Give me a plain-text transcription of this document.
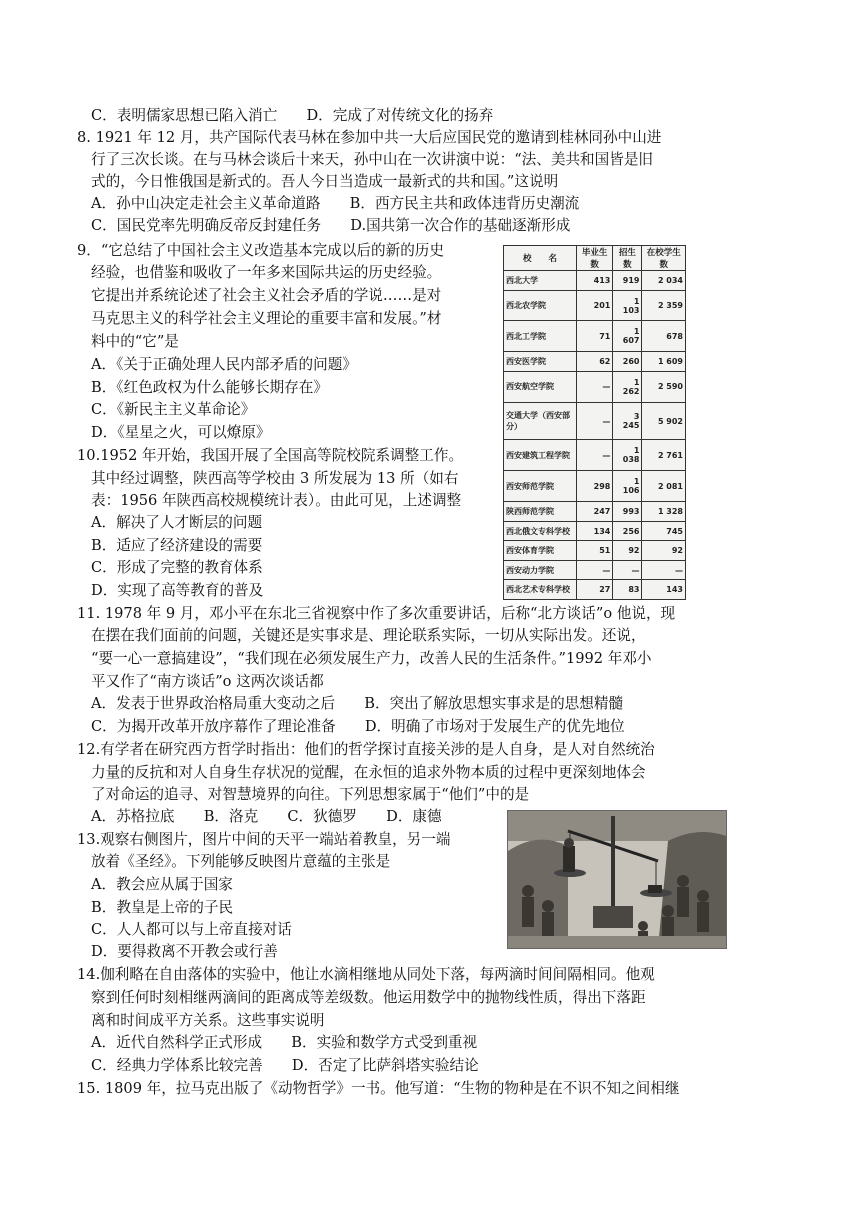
C．表明儒家思想已陷入消亡　　D．完成了对传统文化的扬弃
8. 1921 年 12 月，共产国际代表马林在参加中共一大后应国民党的邀请到桂林同孙中山进
行了三次长谈。在与马林会谈后十来天，孙中山在一次讲演中说：“法、美共和国皆是旧
式的，今日惟俄国是新式的。吾人今日当造成一最新式的共和国。”这说明
A．孙中山决定走社会主义革命道路　　B．西方民主共和政体违背历史潮流
C．国民党率先明确反帝反封建任务　　D.国共第一次合作的基础逐渐形成
9．“它总结了中国社会主义改造基本完成以后的新的历史
经验，也借鉴和吸收了一年多来国际共运的历史经验。
它提出并系统论述了社会主义社会矛盾的学说……是对
马克思主义的科学社会主义理论的重要丰富和发展。”材
料中的“它”是
A．《关于正确处理人民内部矛盾的问题》
B．《红色政权为什么能够长期存在》
C．《新民主主义革命论》
D．《星星之火，可以燎原》
10.1952 年开始，我国开展了全国高等院校院系调整工作。
其中经过调整，陕西高等学校由 3 所发展为 13 所（如右
表：1956 年陕西高校规模统计表）。由此可见，上述调整
A．解决了人才断层的问题
B．适应了经济建设的需要
C．形成了完整的教育体系
D．实现了高等教育的普及
11. 1978 年 9 月，邓小平在东北三省视察中作了多次重要讲话，后称“北方谈话”o 他说，现
在摆在我们面前的问题，关键还是实事求是、理论联系实际，一切从实际出发。还说，
“要一心一意搞建设”，“我们现在必须发展生产力，改善人民的生活条件。”1992 年邓小
平又作了“南方谈话”o 这两次谈话都
A．发表于世界政治格局重大变动之后　　B．突出了解放思想实事求是的思想精髓
C．为揭开改革开放序幕作了理论准备　　D．明确了市场对于发展生产的优先地位
12.有学者在研究西方哲学时指出：他们的哲学探讨直接关涉的是人自身，是人对自然统治
力量的反抗和对人自身生存状况的觉醒，在永恒的追求外物本质的过程中更深刻地体会
了对命运的追寻、对智慧境界的向往。下列思想家属于“他们”中的是
A．苏格拉底　　B．洛克　　C．狄德罗　　D．康德
13.观察右侧图片，图片中间的天平一端站着教皇，另一端
放着《圣经》。下列能够反映图片意蕴的主张是
A．教会应从属于国家
B．教皇是上帝的子民
C．人人都可以与上帝直接对话
D．要得救离不开教会或行善
14.伽利略在自由落体的实验中，他让水滴相继地从同处下落，每两滴时间间隔相同。他观
察到任何时刻相继两滴间的距离成等差级数。他运用数学中的抛物线性质，得出下落距
离和时间成平方关系。这些事实说明
A．近代自然科学正式形成　　B．实验和数学方式受到重视
C．经典力学体系比较完善　　D．否定了比萨斜塔实验结论
15. 1809 年，拉马克出版了《动物哲学》一书。他写道：“生物的物种是在不识不知之间相继
校　　名	毕业生数	招生数	在校学生数
西北大学	413	919	2 034
西北农学院	201	1 103	2 359
西北工学院	71	1 607	678
西安医学院	62	260	1 609
西安航空学院	—	1 262	2 590
交通大学（西安部分）	—	3 245	5 902
西安建筑工程学院	—	1 038	2 761
西安师范学院	298	1 106	2 081
陕西师范学院	247	993	1 328
西北俄文专科学校	134	256	745
西安体育学院	51	92	92
西安动力学院	—	—	—
西北艺术专科学校	27	83	143
